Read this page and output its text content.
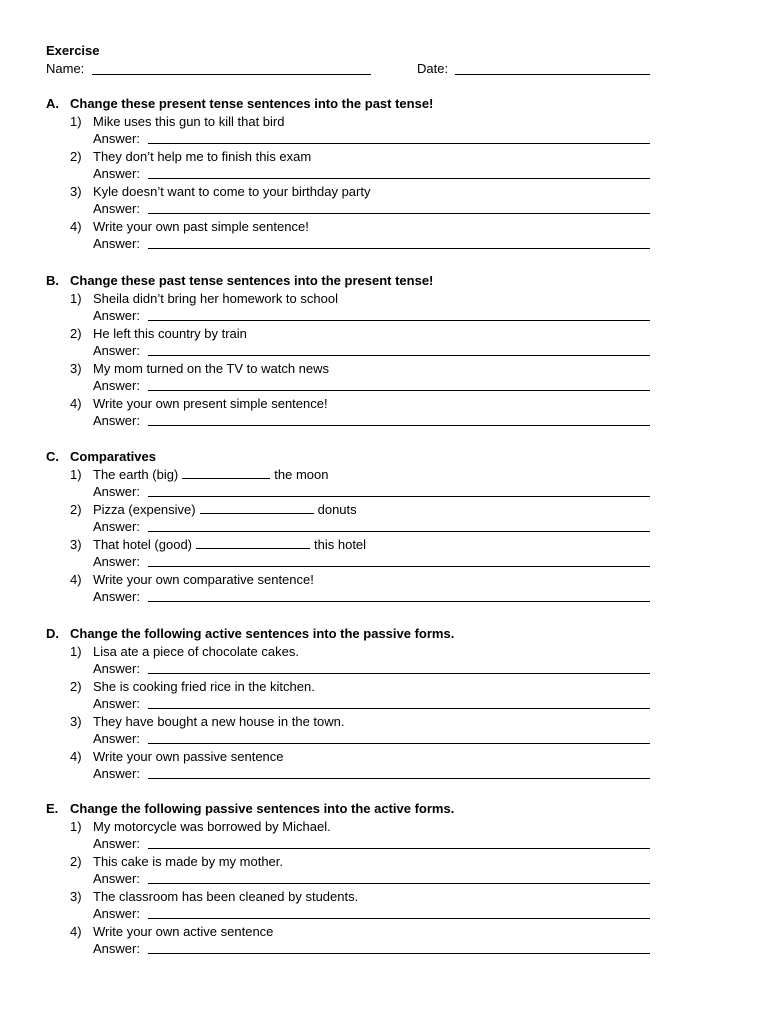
Exercise
Name:	Date:
A. Change these present tense sentences into the past tense!
1) Mike uses this gun to kill that bird
Answer:
2) They don’t help me to finish this exam
Answer:
3) Kyle doesn’t want to come to your birthday party
Answer:
4) Write your own past simple sentence!
Answer:
B. Change these past tense sentences into the present tense!
1) Sheila didn’t bring her homework to school
Answer:
2) He left this country by train
Answer:
3) My mom turned on the TV to watch news
Answer:
4) Write your own present simple sentence!
Answer:
C. Comparatives
1) The earth (big)	the moon
Answer:
2) Pizza (expensive)	donuts
Answer:
3) That hotel (good)	this hotel
Answer:
4) Write your own comparative sentence!
Answer:
D. Change the following active sentences into the passive forms.
1) Lisa ate a piece of chocolate cakes.
Answer:
2) She is cooking fried rice in the kitchen.
Answer:
3) They have bought a new house in the town.
Answer:
4) Write your own passive sentence
Answer:
E. Change the following passive sentences into the active forms.
1) My motorcycle was borrowed by Michael.
Answer:
2) This cake is made by my mother.
Answer:
3) The classroom has been cleaned by students.
Answer:
4) Write your own active sentence
Answer:
